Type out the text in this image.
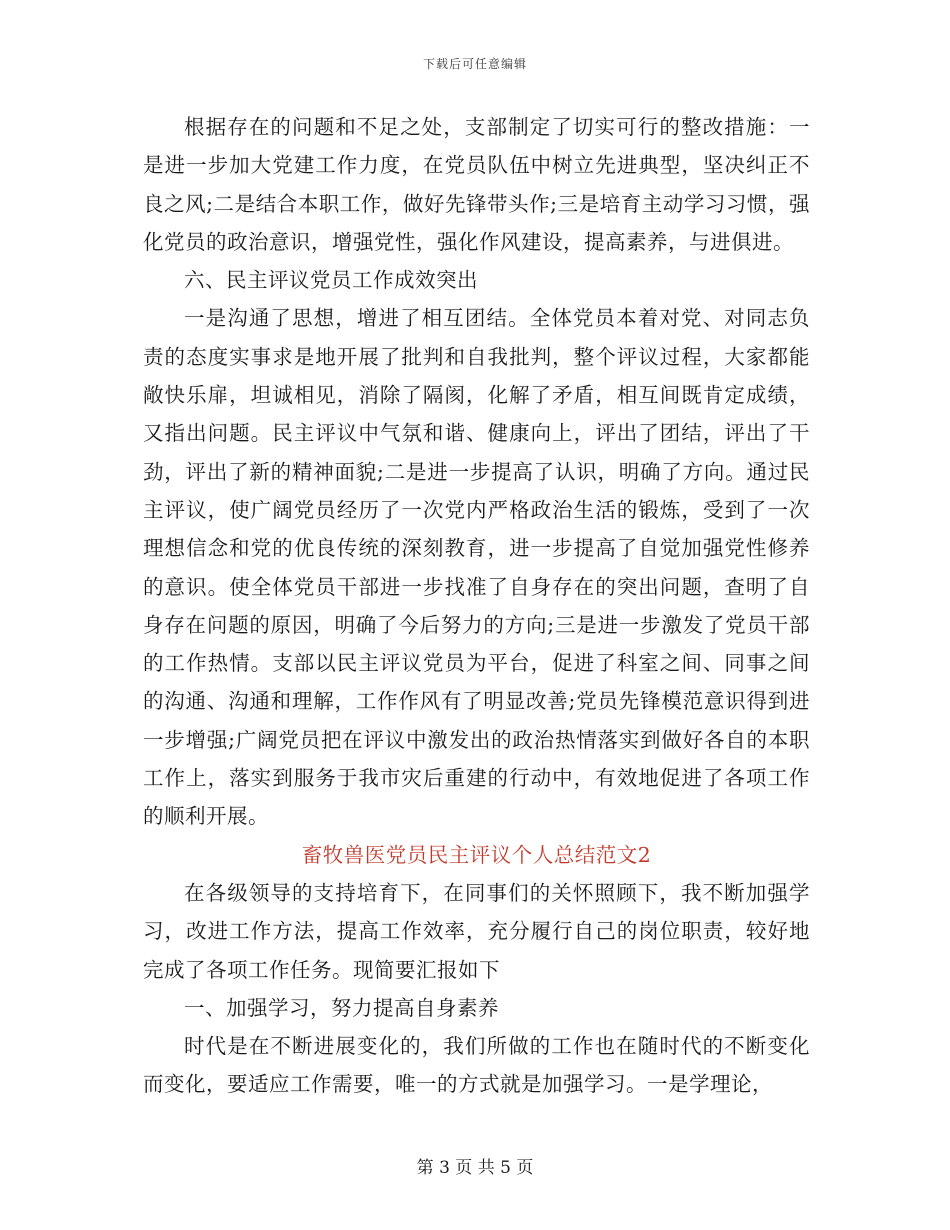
下载后可任意编辑

根据存在的问题和不足之处，支部制定了切实可行的整改措施：一是进一步加大党建工作力度，在党员队伍中树立先进典型，坚决纠正不良之风;二是结合本职工作，做好先锋带头作;三是培育主动学习习惯，强化党员的政治意识，增强党性，强化作风建设，提高素养，与进俱进。

六、民主评议党员工作成效突出

一是沟通了思想，增进了相互团结。全体党员本着对党、对同志负责的态度实事求是地开展了批判和自我批判，整个评议过程，大家都能敞快乐扉，坦诚相见，消除了隔阂，化解了矛盾，相互间既肯定成绩，又指出问题。民主评议中气氛和谐、健康向上，评出了团结，评出了干劲，评出了新的精神面貌;二是进一步提高了认识，明确了方向。通过民主评议，使广阔党员经历了一次党内严格政治生活的锻炼，受到了一次理想信念和党的优良传统的深刻教育，进一步提高了自觉加强党性修养的意识。使全体党员干部进一步找准了自身存在的突出问题，查明了自身存在问题的原因，明确了今后努力的方向;三是进一步激发了党员干部的工作热情。支部以民主评议党员为平台，促进了科室之间、同事之间的沟通、沟通和理解，工作作风有了明显改善;党员先锋模范意识得到进一步增强;广阔党员把在评议中激发出的政治热情落实到做好各自的本职工作上，落实到服务于我市灾后重建的行动中，有效地促进了各项工作的顺利开展。

畜牧兽医党员民主评议个人总结范文2

在各级领导的支持培育下，在同事们的关怀照顾下，我不断加强学习，改进工作方法，提高工作效率，充分履行自己的岗位职责，较好地完成了各项工作任务。现简要汇报如下

一、加强学习，努力提高自身素养

时代是在不断进展变化的，我们所做的工作也在随时代的不断变化而变化，要适应工作需要，唯一的方式就是加强学习。一是学理论，

第 3 页 共 5 页
